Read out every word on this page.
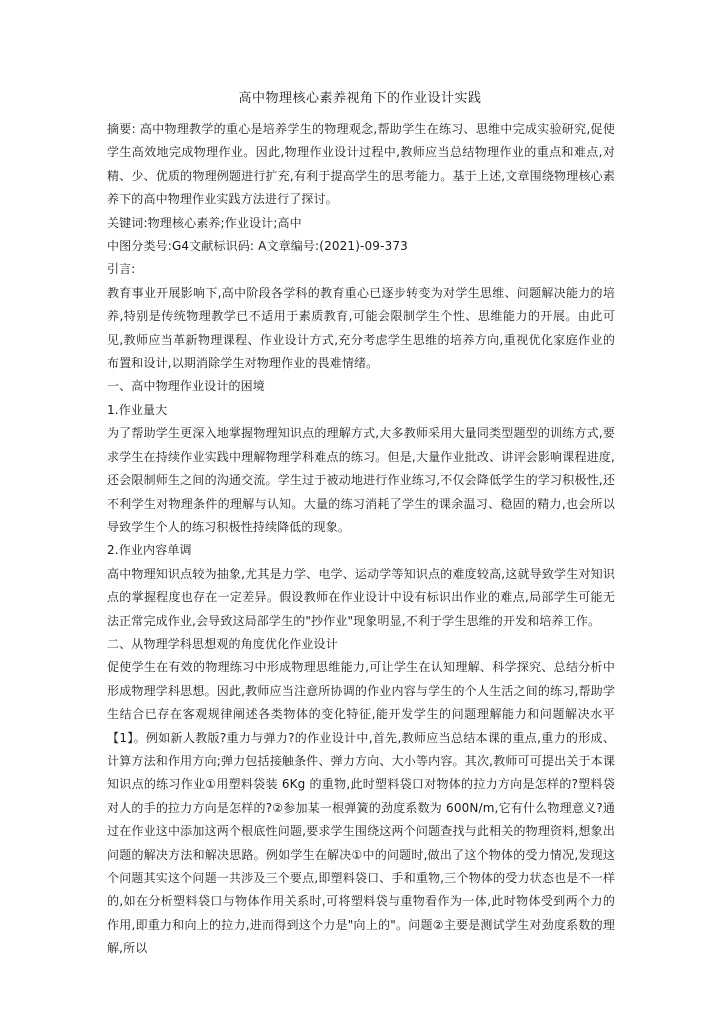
高中物理核心素养视角下的作业设计实践

摘要: 高中物理教学的重心是培养学生的物理观念,帮助学生在练习、思维中完成实验研究,促使学生高效地完成物理作业。因此,物理作业设计过程中,教师应当总结物理作业的重点和难点,对精、少、优质的物理例题进行扩充,有利于提高学生的思考能力。基于上述,文章围绕物理核心素养下的高中物理作业实践方法进行了探讨。

关键词:物理核心素养;作业设计;高中

中图分类号:G4文献标识码: A文章编号:(2021)-09-373

引言:

教育事业开展影响下,高中阶段各学科的教育重心已逐步转变为对学生思维、问题解决能力的培养,特别是传统物理教学已不适用于素质教育,可能会限制学生个性、思维能力的开展。由此可见,教师应当革新物理课程、作业设计方式,充分考虑学生思维的培养方向,重视优化家庭作业的布置和设计,以期消除学生对物理作业的畏难情绪。

一、高中物理作业设计的困境

1.作业量大

为了帮助学生更深入地掌握物理知识点的理解方式,大多教师采用大量同类型题型的训练方式,要求学生在持续作业实践中理解物理学科难点的练习。但是,大量作业批改、讲评会影响课程进度,还会限制师生之间的沟通交流。学生过于被动地进行作业练习,不仅会降低学生的学习积极性,还不利学生对物理条件的理解与认知。大量的练习消耗了学生的课余温习、稳固的精力,也会所以导致学生个人的练习积极性持续降低的现象。

2.作业内容单调

高中物理知识点较为抽象,尤其是力学、电学、运动学等知识点的难度较高,这就导致学生对知识点的掌握程度也存在一定差异。假设教师在作业设计中设有标识出作业的难点,局部学生可能无法正常完成作业,会导致这局部学生的"抄作业"现象明显,不利于学生思维的开发和培养工作。

二、从物理学科思想观的角度优化作业设计

促使学生在有效的物理练习中形成物理思维能力,可让学生在认知理解、科学探究、总结分析中形成物理学科思想。因此,教师应当注意所协调的作业内容与学生的个人生活之间的练习,帮助学生结合已存在客观规律阐述各类物体的变化特征,能开发学生的问题理解能力和问题解决水平【1】。例如新人教版?重力与弹力?的作业设计中,首先,教师应当总结本课的重点,重力的形成、计算方法和作用方向;弹力包括接触条件、弹力方向、大小等内容。其次,教师可可提出关于本课知识点的练习作业①用塑料袋装 6Kg 的重物,此时塑料袋口对物体的拉力方向是怎样的?塑料袋对人的手的拉力方向是怎样的?②参加某一根弹簧的劲度系数为 600N/m,它有什么物理意义?通过在作业这中添加这两个根底性问题,要求学生围绕这两个问题查找与此相关的物理资料,想象出问题的解决方法和解决思路。例如学生在解决①中的问题时,做出了这个物体的受力情况,发现这个问题其实这个问题一共涉及三个要点,即塑料袋口、手和重物,三个物体的受力状态也是不一样的,如在分析塑料袋口与物体作用关系时,可将塑料袋与重物看作为一体,此时物体受到两个力的作用,即重力和向上的拉力,进而得到这个力是"向上的"。问题②主要是测试学生对劲度系数的理解,所以
